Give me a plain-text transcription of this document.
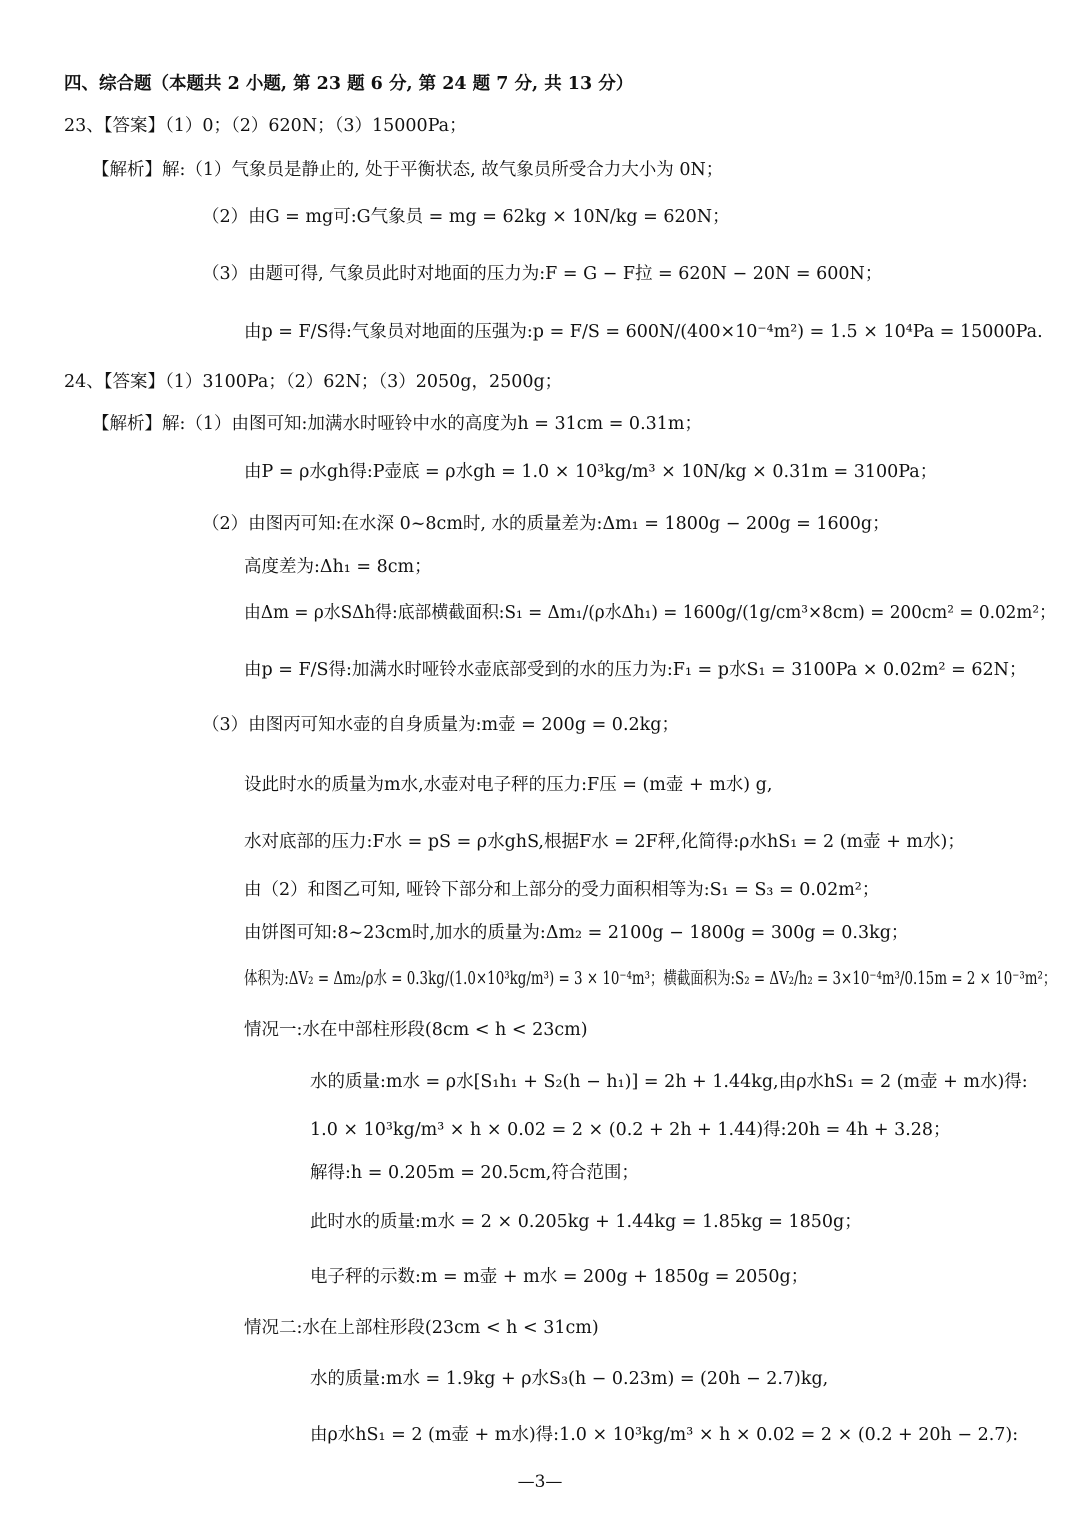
四、综合题（本题共 2 小题, 第 23 题 6 分, 第 24 题 7 分, 共 13 分）
23、【答案】（1）0；（2）620N；（3）15000Pa；
【解析】解:（1）气象员是静止的, 处于平衡状态, 故气象员所受合力大小为 0N；
（2）由G = mg可:G气象员 = mg = 62kg × 10N/kg = 620N；
（3）由题可得, 气象员此时对地面的压力为:F = G − F拉 = 620N − 20N = 600N；
由p = F/S得:气象员对地面的压强为:p = F/S = 600N/(400×10⁻⁴m²) = 1.5 × 10⁴Pa = 15000Pa.
24、【答案】（1）3100Pa；（2）62N；（3）2050g，2500g；
【解析】解:（1）由图可知:加满水时哑铃中水的高度为h = 31cm = 0.31m；
由P = ρ水gh得:P壶底 = ρ水gh = 1.0 × 10³kg/m³ × 10N/kg × 0.31m = 3100Pa；
（2）由图丙可知:在水深 0~8cm时, 水的质量差为:Δm₁ = 1800g − 200g = 1600g；
高度差为:Δh₁ = 8cm；
由Δm = ρ水SΔh得:底部横截面积:S₁ = Δm₁/(ρ水Δh₁) = 1600g/(1g/cm³×8cm) = 200cm² = 0.02m²；
由p = F/S得:加满水时哑铃水壶底部受到的水的压力为:F₁ = p水S₁ = 3100Pa × 0.02m² = 62N；
（3）由图丙可知水壶的自身质量为:m壶 = 200g = 0.2kg；
设此时水的质量为m水,水壶对电子秤的压力:F压 = (m壶 + m水) g,
水对底部的压力:F水 = pS = ρ水ghS,根据F水 = 2F秤,化简得:ρ水hS₁ = 2 (m壶 + m水)；
由（2）和图乙可知, 哑铃下部分和上部分的受力面积相等为:S₁ = S₃ = 0.02m²；
由饼图可知:8~23cm时,加水的质量为:Δm₂ = 2100g − 1800g = 300g = 0.3kg；
体积为:ΔV₂ = Δm₂/ρ水 = 0.3kg/(1.0×10³kg/m³) = 3 × 10⁻⁴m³；横截面积为:S₂ = ΔV₂/h₂ = 3×10⁻⁴m³/0.15m = 2 × 10⁻³m²；
情况一:水在中部柱形段(8cm < h < 23cm)
水的质量:m水 = ρ水[S₁h₁ + S₂(h − h₁)] = 2h + 1.44kg,由ρ水hS₁ = 2 (m壶 + m水)得:
1.0 × 10³kg/m³ × h × 0.02 = 2 × (0.2 + 2h + 1.44)得:20h = 4h + 3.28；
解得:h = 0.205m = 20.5cm,符合范围；
此时水的质量:m水 = 2 × 0.205kg + 1.44kg = 1.85kg = 1850g；
电子秤的示数:m = m壶 + m水 = 200g + 1850g = 2050g；
情况二:水在上部柱形段(23cm < h < 31cm)
水的质量:m水 = 1.9kg + ρ水S₃(h − 0.23m) = (20h − 2.7)kg,
由ρ水hS₁ = 2 (m壶 + m水)得:1.0 × 10³kg/m³ × h × 0.02 = 2 × (0.2 + 20h − 2.7):
—3—
